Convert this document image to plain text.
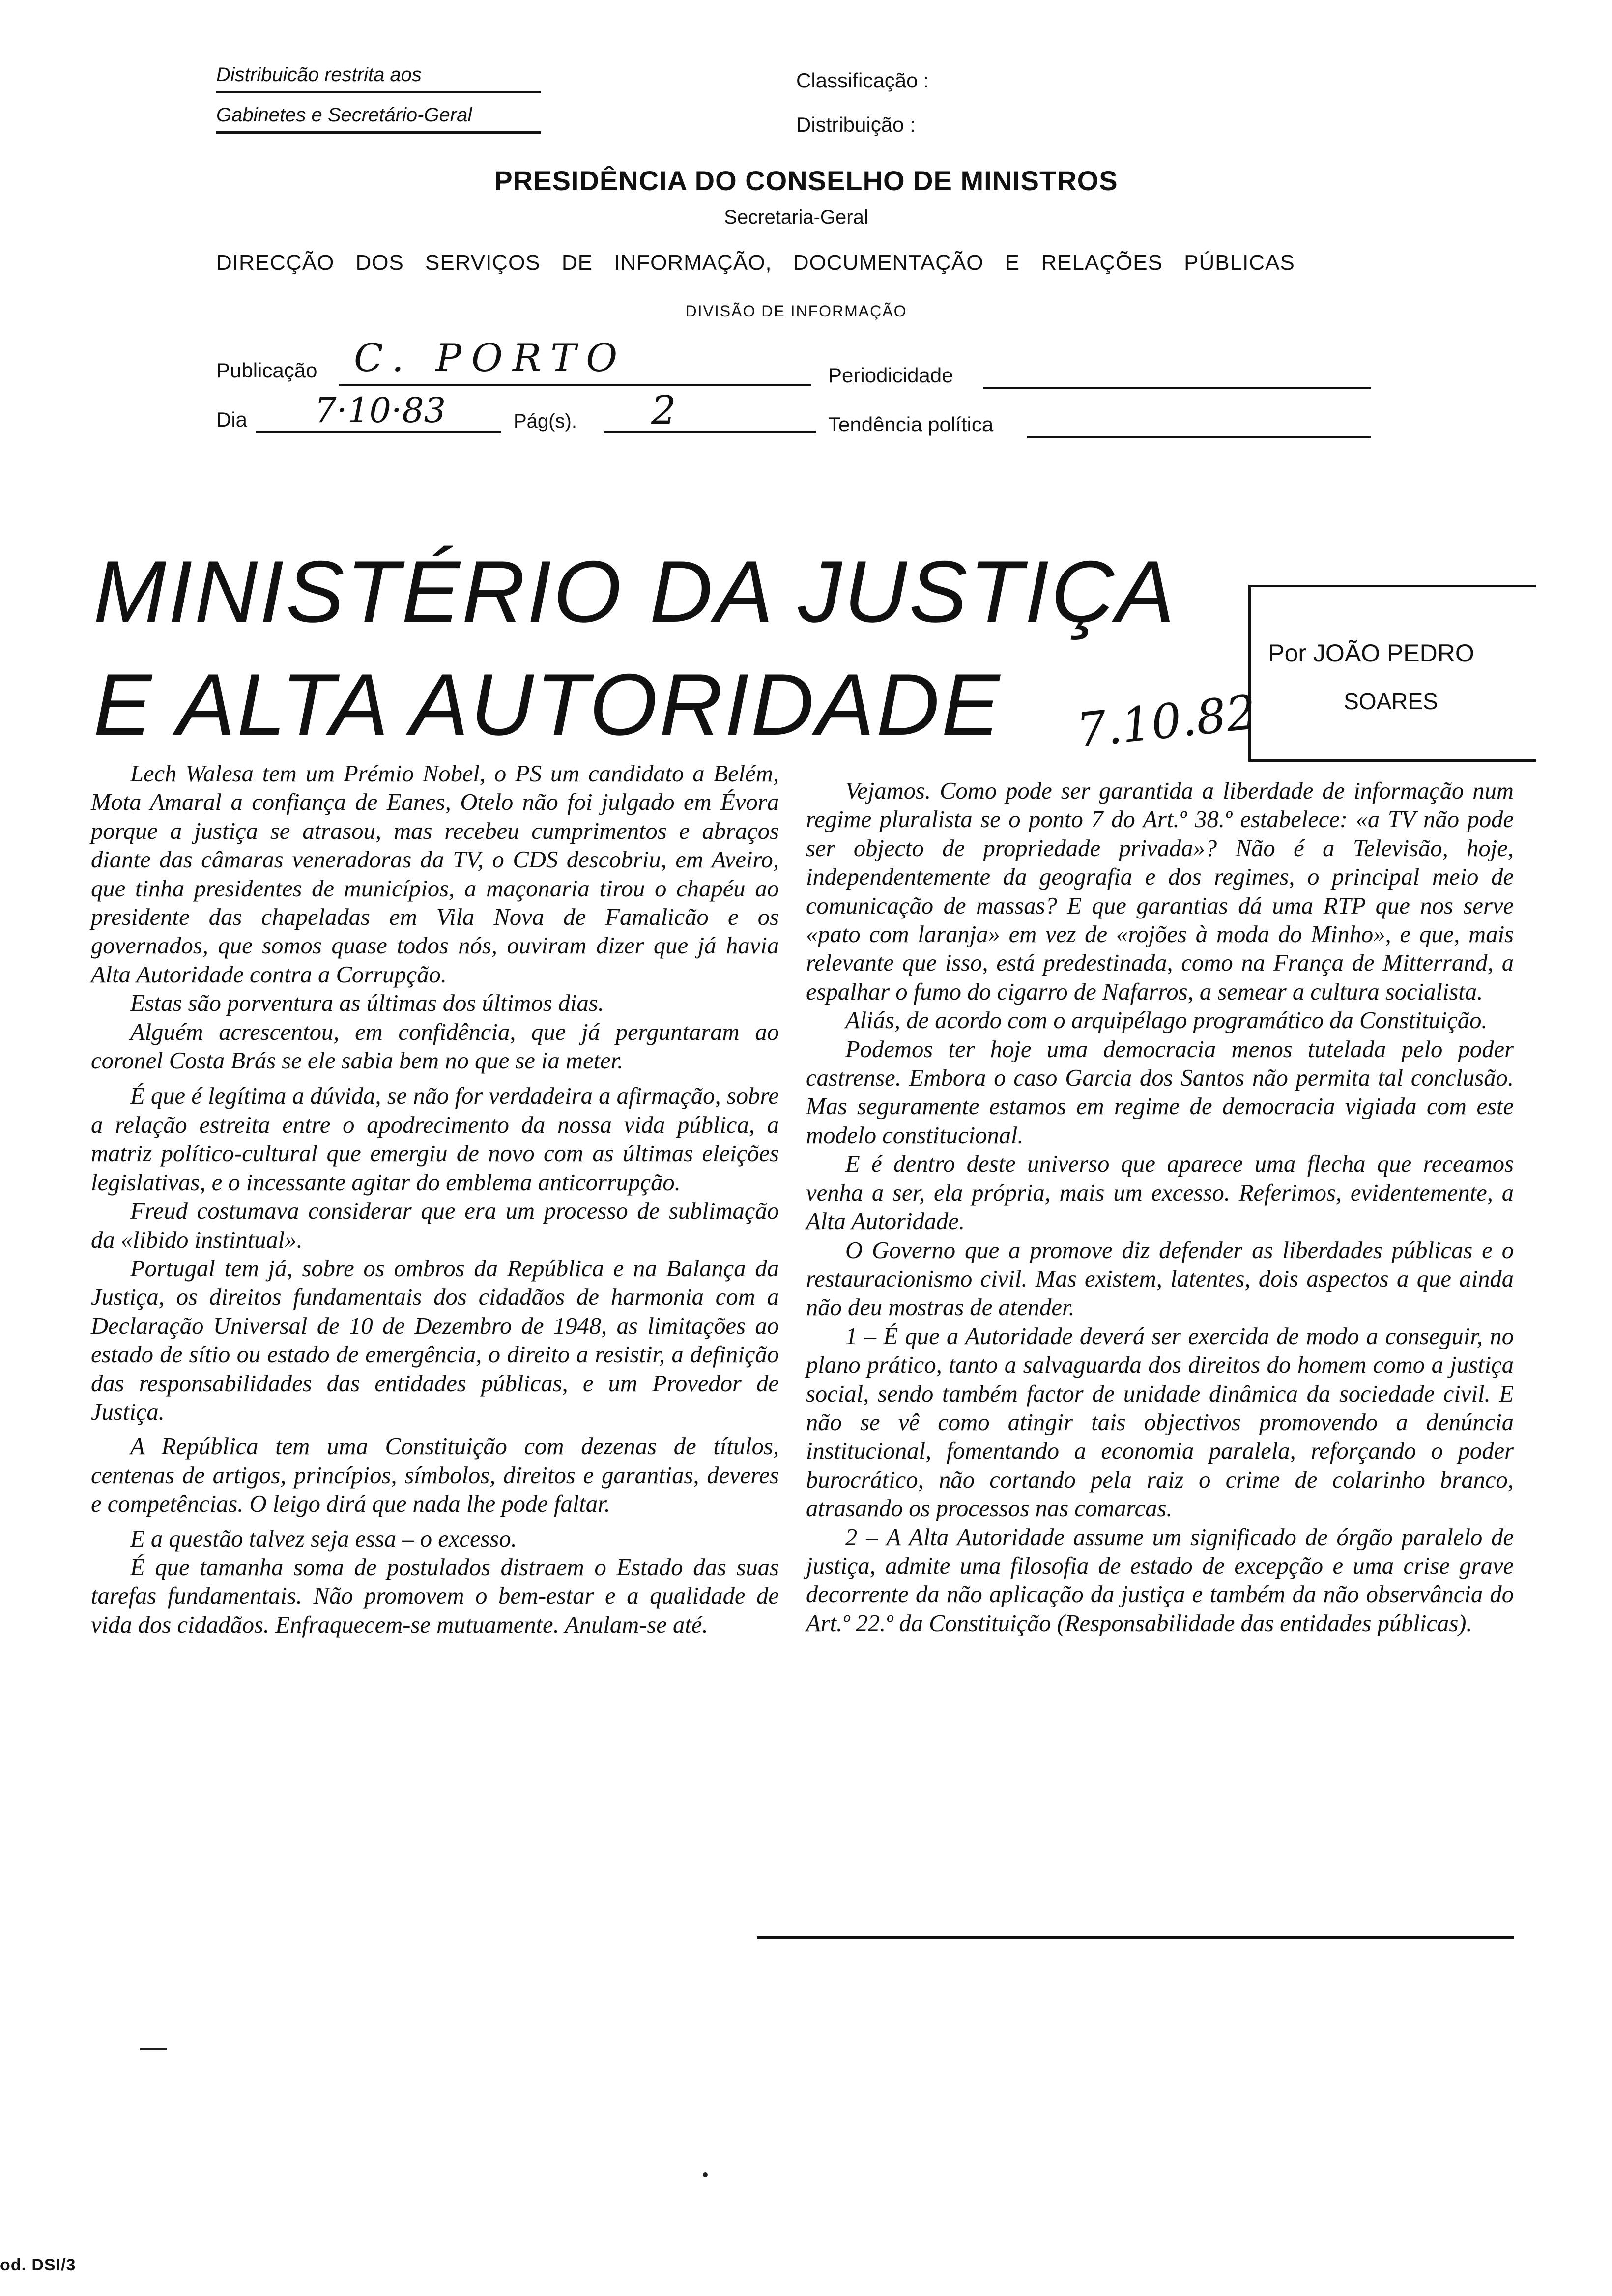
Distribuicão restrita aos
Gabinetes e Secretário-Geral
Classificação :
Distribuição :
PRESIDÊNCIA DO CONSELHO DE MINISTROS
Secretaria-Geral
DIRECÇÃO DOS SERVIÇOS DE INFORMAÇÃO, DOCUMENTAÇÃO E RELAÇÕES PÚBLICAS
DIVISÃO DE INFORMAÇÃO
Publicação C. PORTO	Periodicidade
Dia 7·10·83	Pág(s). 2	Tendência política
MINISTÉRIO DA JUSTIÇA
E ALTA AUTORIDADE 7.10.82
Por JOÃO PEDRO
SOARES

Lech Walesa tem um Prémio Nobel, o PS um candidato a Belém, Mota Amaral a confiança de Eanes, Otelo não foi julgado em Évora porque a justiça se atrasou, mas recebeu cumprimentos e abraços diante das câmaras veneradoras da TV, o CDS descobriu, em Aveiro, que tinha presidentes de municípios, a maçonaria tirou o chapéu ao presidente das chapeladas em Vila Nova de Famalicão e os governados, que somos quase todos nós, ouviram dizer que já havia Alta Autoridade contra a Corrupção.

Estas são porventura as últimas dos últimos dias.

Alguém acrescentou, em confidência, que já perguntaram ao coronel Costa Brás se ele sabia bem no que se ia meter.

É que é legítima a dúvida, se não for verdadeira a afirmação, sobre a relação estreita entre o apodrecimento da nossa vida pública, a matriz político-cultural que emergiu de novo com as últimas eleições legislativas, e o incessante agitar do emblema anticorrupção.

Freud costumava considerar que era um processo de sublimação da «libido instintual».

Portugal tem já, sobre os ombros da República e na Balança da Justiça, os direitos fundamentais dos cidadãos de harmonia com a Declaração Universal de 10 de Dezembro de 1948, as limitações ao estado de sítio ou estado de emergência, o direito a resistir, a definição das responsabilidades das entidades públicas, e um Provedor de Justiça.

A República tem uma Constituição com dezenas de títulos, centenas de artigos, princípios, símbolos, direitos e garantias, deveres e competências. O leigo dirá que nada lhe pode faltar.

E a questão talvez seja essa – o excesso.

É que tamanha soma de postulados distraem o Estado das suas tarefas fundamentais. Não promovem o bem-estar e a qualidade de vida dos cidadãos. Enfraquecem-se mutuamente. Anulam-se até.

Vejamos. Como pode ser garantida a liberdade de informação num regime pluralista se o ponto 7 do Art.º 38.º estabelece: «a TV não pode ser objecto de propriedade privada»? Não é a Televisão, hoje, independentemente da geografia e dos regimes, o principal meio de comunicação de massas? E que garantias dá uma RTP que nos serve «pato com laranja» em vez de «rojões à moda do Minho», e que, mais relevante que isso, está predestinada, como na França de Mitterrand, a espalhar o fumo do cigarro de Nafarros, a semear a cultura socialista.

Aliás, de acordo com o arquipélago programático da Constituição.

Podemos ter hoje uma democracia menos tutelada pelo poder castrense. Embora o caso Garcia dos Santos não permita tal conclusão. Mas seguramente estamos em regime de democracia vigiada com este modelo constitucional.

E é dentro deste universo que aparece uma flecha que receamos venha a ser, ela própria, mais um excesso. Referimos, evidentemente, a Alta Autoridade.

O Governo que a promove diz defender as liberdades públicas e o restauracionismo civil. Mas existem, latentes, dois aspectos a que ainda não deu mostras de atender.

1 – É que a Autoridade deverá ser exercida de modo a conseguir, no plano prático, tanto a salvaguarda dos direitos do homem como a justiça social, sendo também factor de unidade dinâmica da sociedade civil. E não se vê como atingir tais objectivos promovendo a denúncia institucional, fomentando a economia paralela, reforçando o poder burocrático, não cortando pela raiz o crime de colarinho branco, atrasando os processos nas comarcas.

2 – A Alta Autoridade assume um significado de órgão paralelo de justiça, admite uma filosofia de estado de excepção e uma crise grave decorrente da não aplicação da justiça e também da não observância do Art.º 22.º da Constituição (Responsabilidade das entidades públicas).

od. DSI/3
